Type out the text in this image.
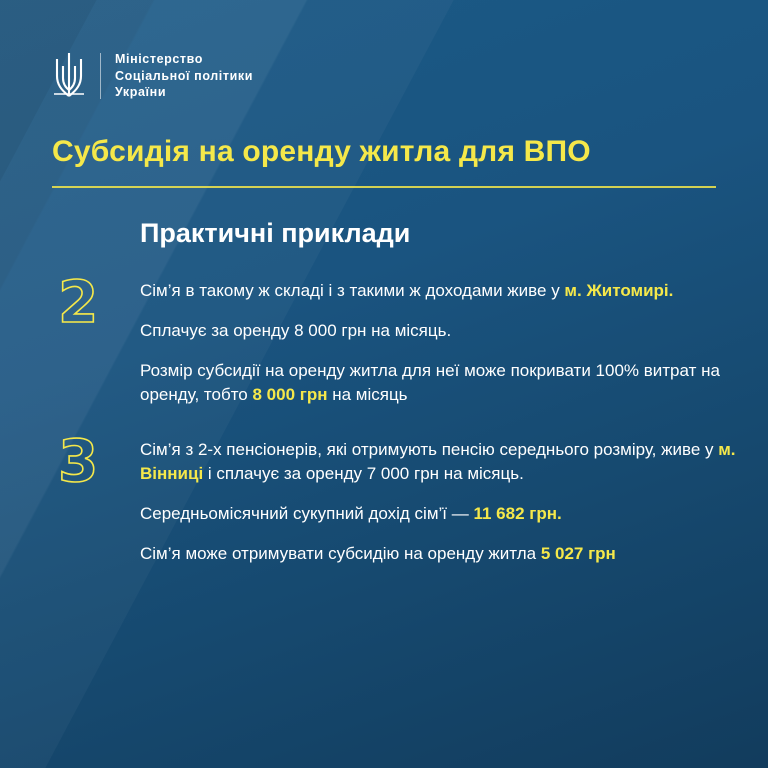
Міністерство
Соціальної політики
України
Субсидія на оренду житла для ВПО
Практичні приклади
2	Сім’я в такому ж складі і з такими ж доходами живе у м. Житомирі.

Сплачує за оренду 8 000 грн на місяць.

Розмір субсидії на оренду житла для неї може покривати 100% витрат на оренду, тобто 8 000 грн на місяць

3	Сім’я з 2-х пенсіонерів, які отримують пенсію середнього розміру, живе у м. Вінниці і сплачує за оренду 7 000 грн на місяць.

Середньомісячний сукупний дохід сім’ї — 11 682 грн.

Сім’я може отримувати субсидію на оренду житла 5 027 грн
